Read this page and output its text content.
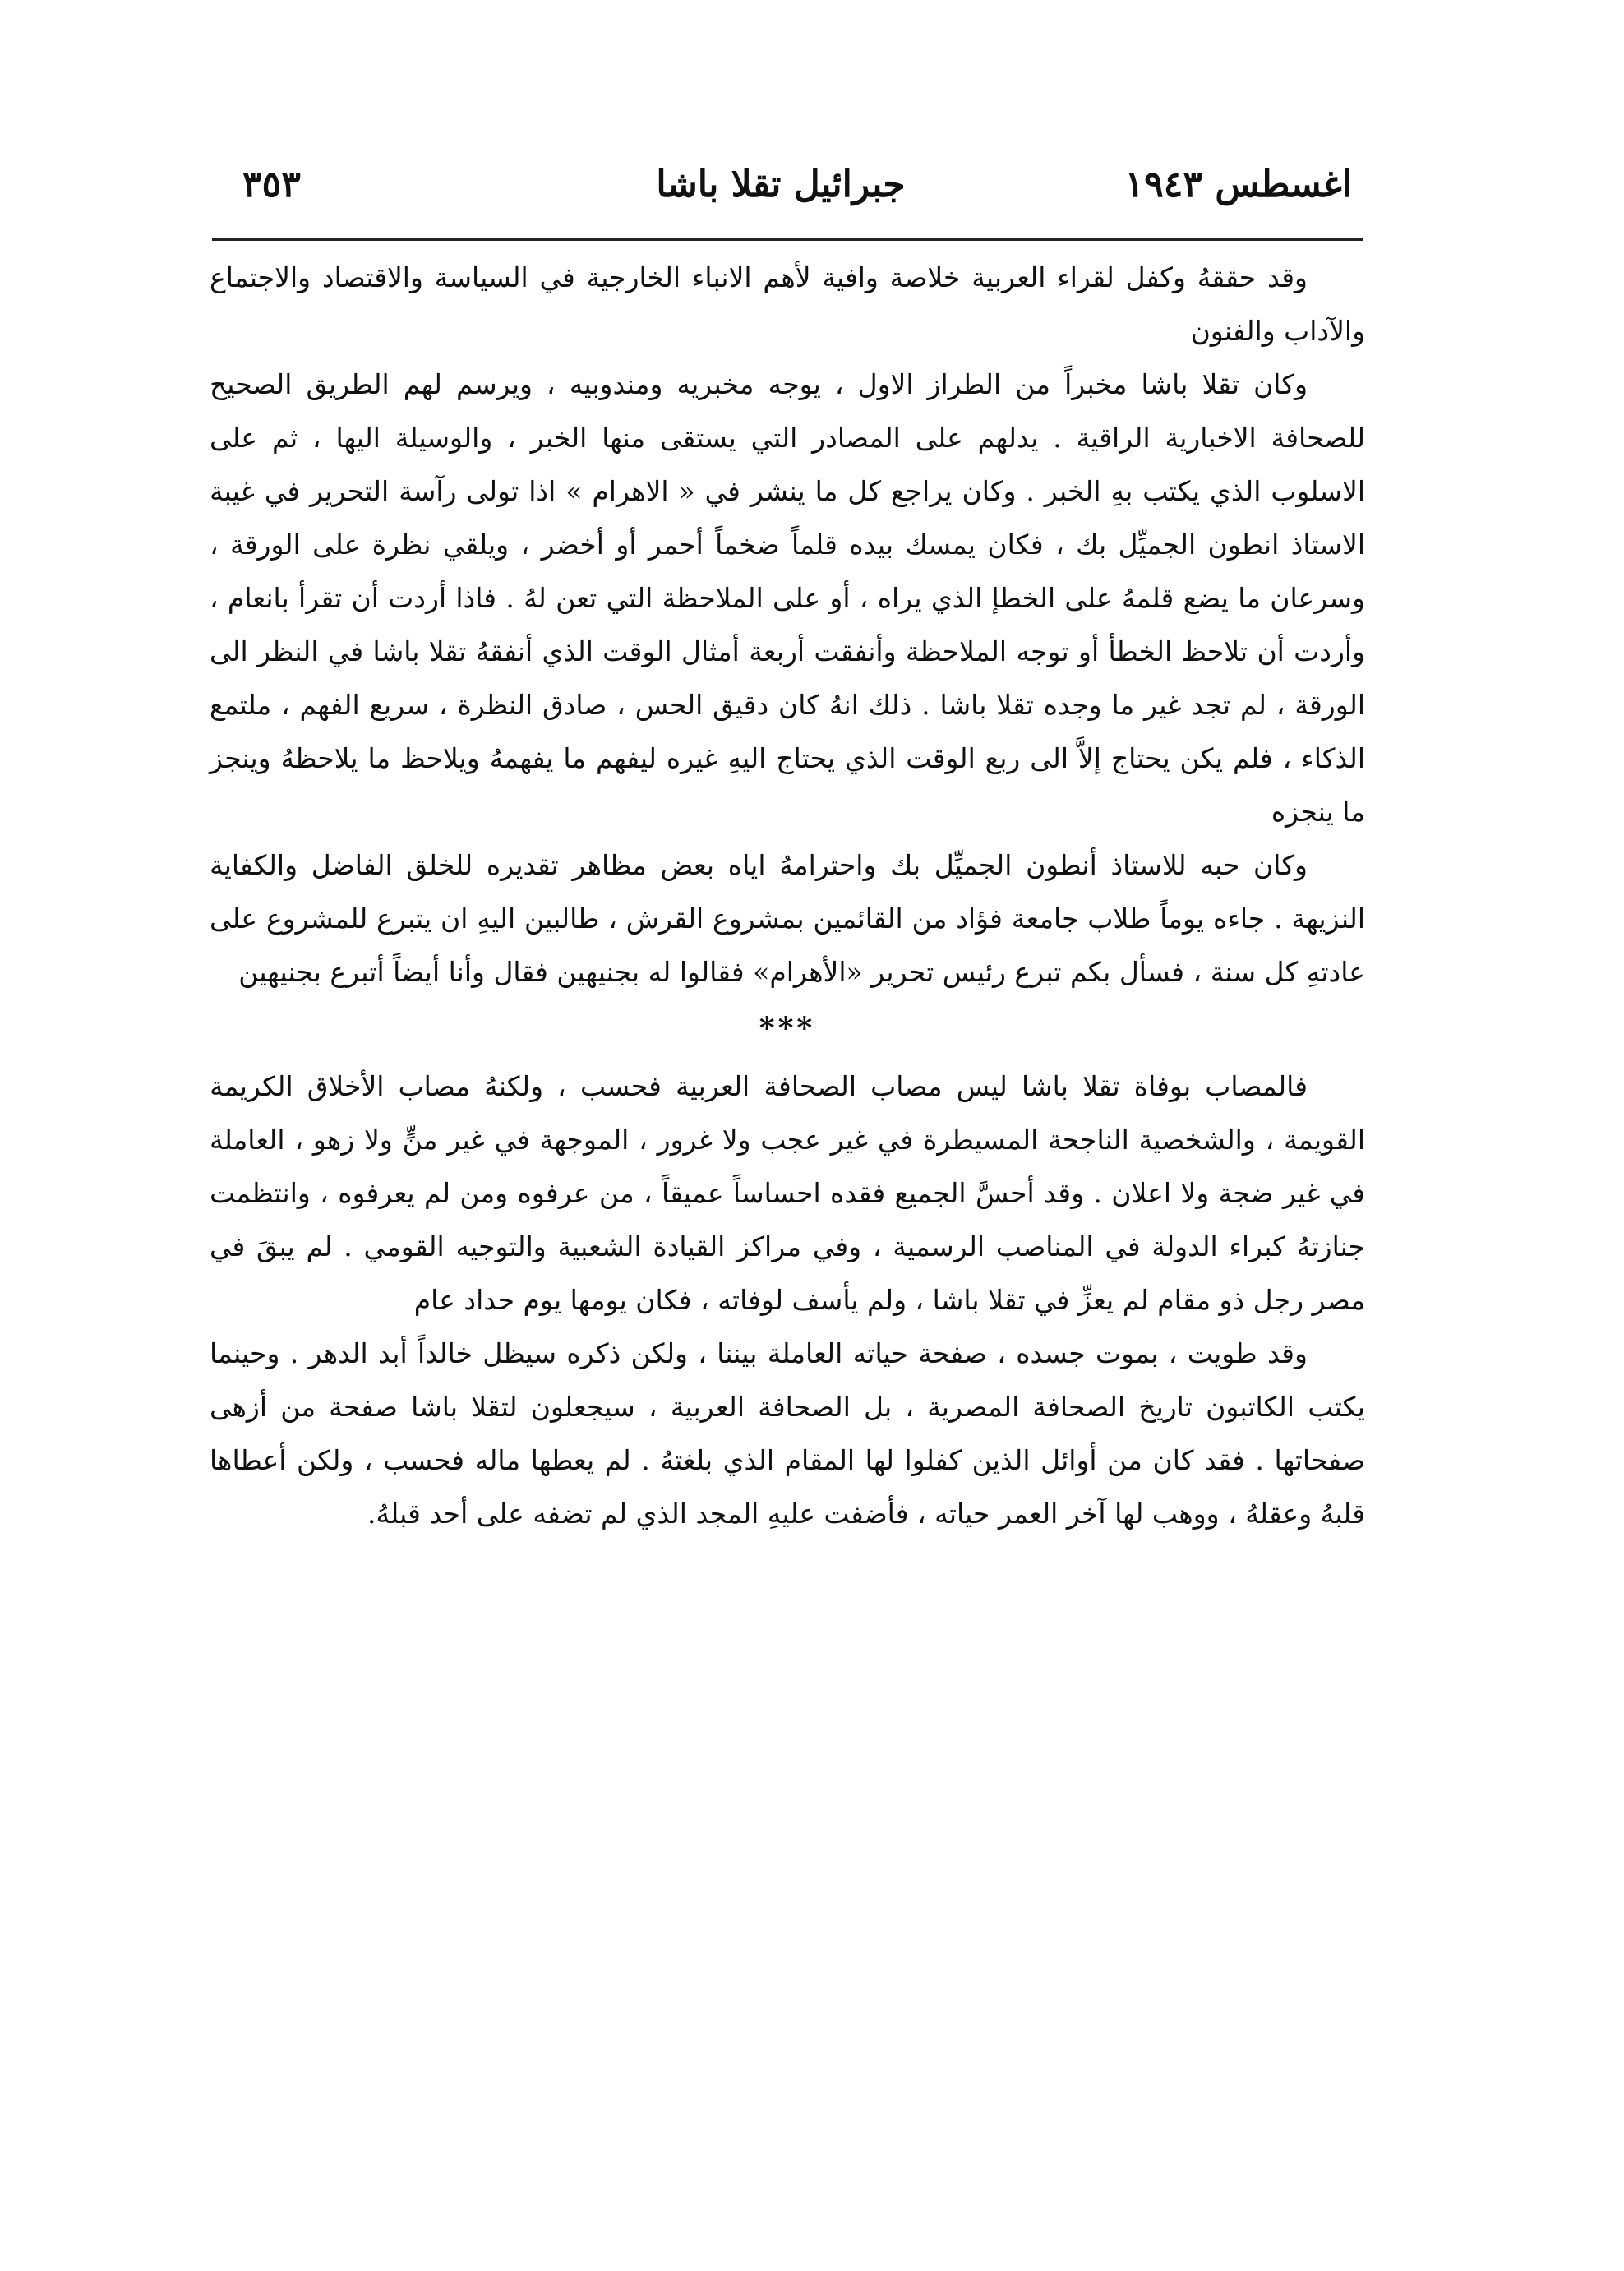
اغسطس ١٩٤٣
جبرائيل تقلا باشا
٣٥٣

وقد حققهُ وكفل لقراء العربية خلاصة وافية لأهم الانباء الخارجية في السياسة والاقتصاد والاجتماع والآداب والفنون

وكان تقلا باشا مخبراً من الطراز الاول ، يوجه مخبريه ومندوبيه ، ويرسم لهم الطريق الصحيح للصحافة الاخبارية الراقية . يدلهم على المصادر التي يستقى منها الخبر ، والوسيلة اليها ، ثم على الاسلوب الذي يكتب بهِ الخبر . وكان يراجع كل ما ينشر في « الاهرام » اذا تولى رآسة التحرير في غيبة الاستاذ انطون الجميِّل بك ، فكان يمسك بيده قلماً ضخماً أحمر أو أخضر ، ويلقي نظرة على الورقة ، وسرعان ما يضع قلمهُ على الخطإ الذي يراه ، أو على الملاحظة التي تعن لهُ . فاذا أردت أن تقرأ بانعام ، وأردت أن تلاحظ الخطأ أو توجه الملاحظة وأنفقت أربعة أمثال الوقت الذي أنفقهُ تقلا باشا في النظر الى الورقة ، لم تجد غير ما وجده تقلا باشا . ذلك انهُ كان دقيق الحس ، صادق النظرة ، سريع الفهم ، ملتمع الذكاء ، فلم يكن يحتاج إلاَّ الى ربع الوقت الذي يحتاج اليهِ غيره ليفهم ما يفهمهُ ويلاحظ ما يلاحظهُ وينجز ما ينجزه

وكان حبه للاستاذ أنطون الجميِّل بك واحترامهُ اياه بعض مظاهر تقديره للخلق الفاضل والكفاية النزيهة . جاءه يوماً طلاب جامعة فؤاد من القائمين بمشروع القرش ، طالبين اليهِ ان يتبرع للمشروع على عادتهِ كل سنة ، فسأل بكم تبرع رئيس تحرير «الأهرام» فقالوا له بجنيهين فقال وأنا أيضاً أتبرع بجنيهين

***

فالمصاب بوفاة تقلا باشا ليس مصاب الصحافة العربية فحسب ، ولكنهُ مصاب الأخلاق الكريمة القويمة ، والشخصية الناجحة المسيطرة في غير عجب ولا غرور ، الموجهة في غير منٍّ ولا زهو ، العاملة في غير ضجة ولا اعلان . وقد أحسَّ الجميع فقده احساساً عميقاً ، من عرفوه ومن لم يعرفوه ، وانتظمت جنازتهُ كبراء الدولة في المناصب الرسمية ، وفي مراكز القيادة الشعبية والتوجيه القومي . لم يبقَ في مصر رجل ذو مقام لم يعزِّ في تقلا باشا ، ولم يأسف لوفاته ، فكان يومها يوم حداد عام

وقد طويت ، بموت جسده ، صفحة حياته العاملة بيننا ، ولكن ذكره سيظل خالداً أبد الدهر . وحينما يكتب الكاتبون تاريخ الصحافة المصرية ، بل الصحافة العربية ، سيجعلون لتقلا باشا صفحة من أزهى صفحاتها . فقد كان من أوائل الذين كفلوا لها المقام الذي بلغتهُ . لم يعطها ماله فحسب ، ولكن أعطاها قلبهُ وعقلهُ ، ووهب لها آخر العمر حياته ، فأضفت عليهِ المجد الذي لم تضفه على أحد قبلهُ.
